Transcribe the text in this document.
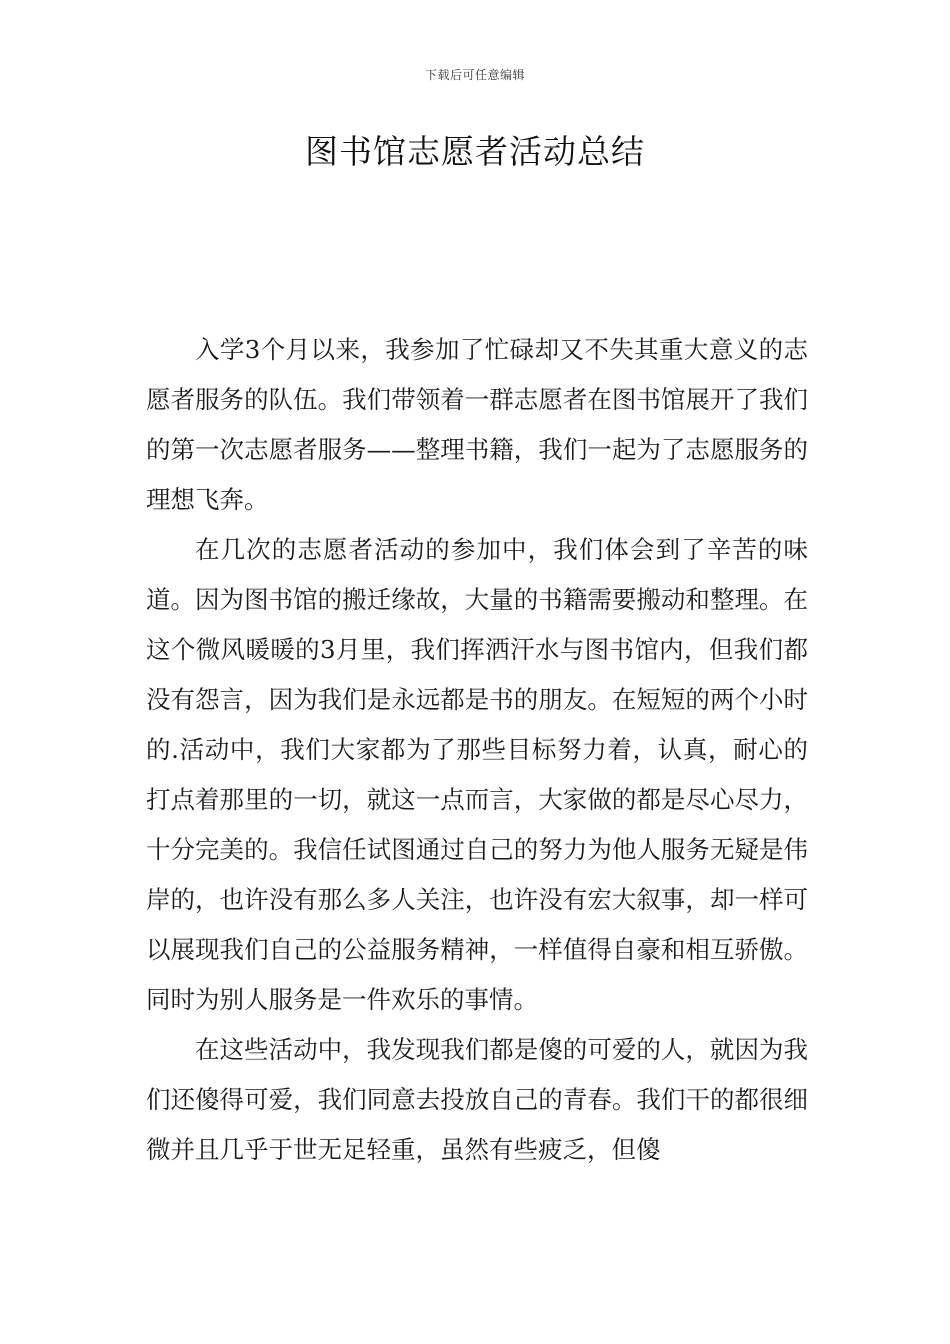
下载后可任意编辑
图书馆志愿者活动总结

入学3个月以来，我参加了忙碌却又不失其重大意义的志愿者服务的队伍。我们带领着一群志愿者在图书馆展开了我们的第一次志愿者服务——整理书籍，我们一起为了志愿服务的理想飞奔。

在几次的志愿者活动的参加中，我们体会到了辛苦的味道。因为图书馆的搬迁缘故，大量的书籍需要搬动和整理。在这个微风暖暖的3月里，我们挥洒汗水与图书馆内，但我们都没有怨言，因为我们是永远都是书的朋友。在短短的两个小时的.活动中，我们大家都为了那些目标努力着，认真，耐心的打点着那里的一切，就这一点而言，大家做的都是尽心尽力，十分完美的。我信任试图通过自己的努力为他人服务无疑是伟岸的，也许没有那么多人关注，也许没有宏大叙事，却一样可以展现我们自己的公益服务精神，一样值得自豪和相互骄傲。同时为别人服务是一件欢乐的事情。

在这些活动中，我发现我们都是傻的可爱的人，就因为我们还傻得可爱，我们同意去投放自己的青春。我们干的都很细微并且几乎于世无足轻重，虽然有些疲乏，但傻
